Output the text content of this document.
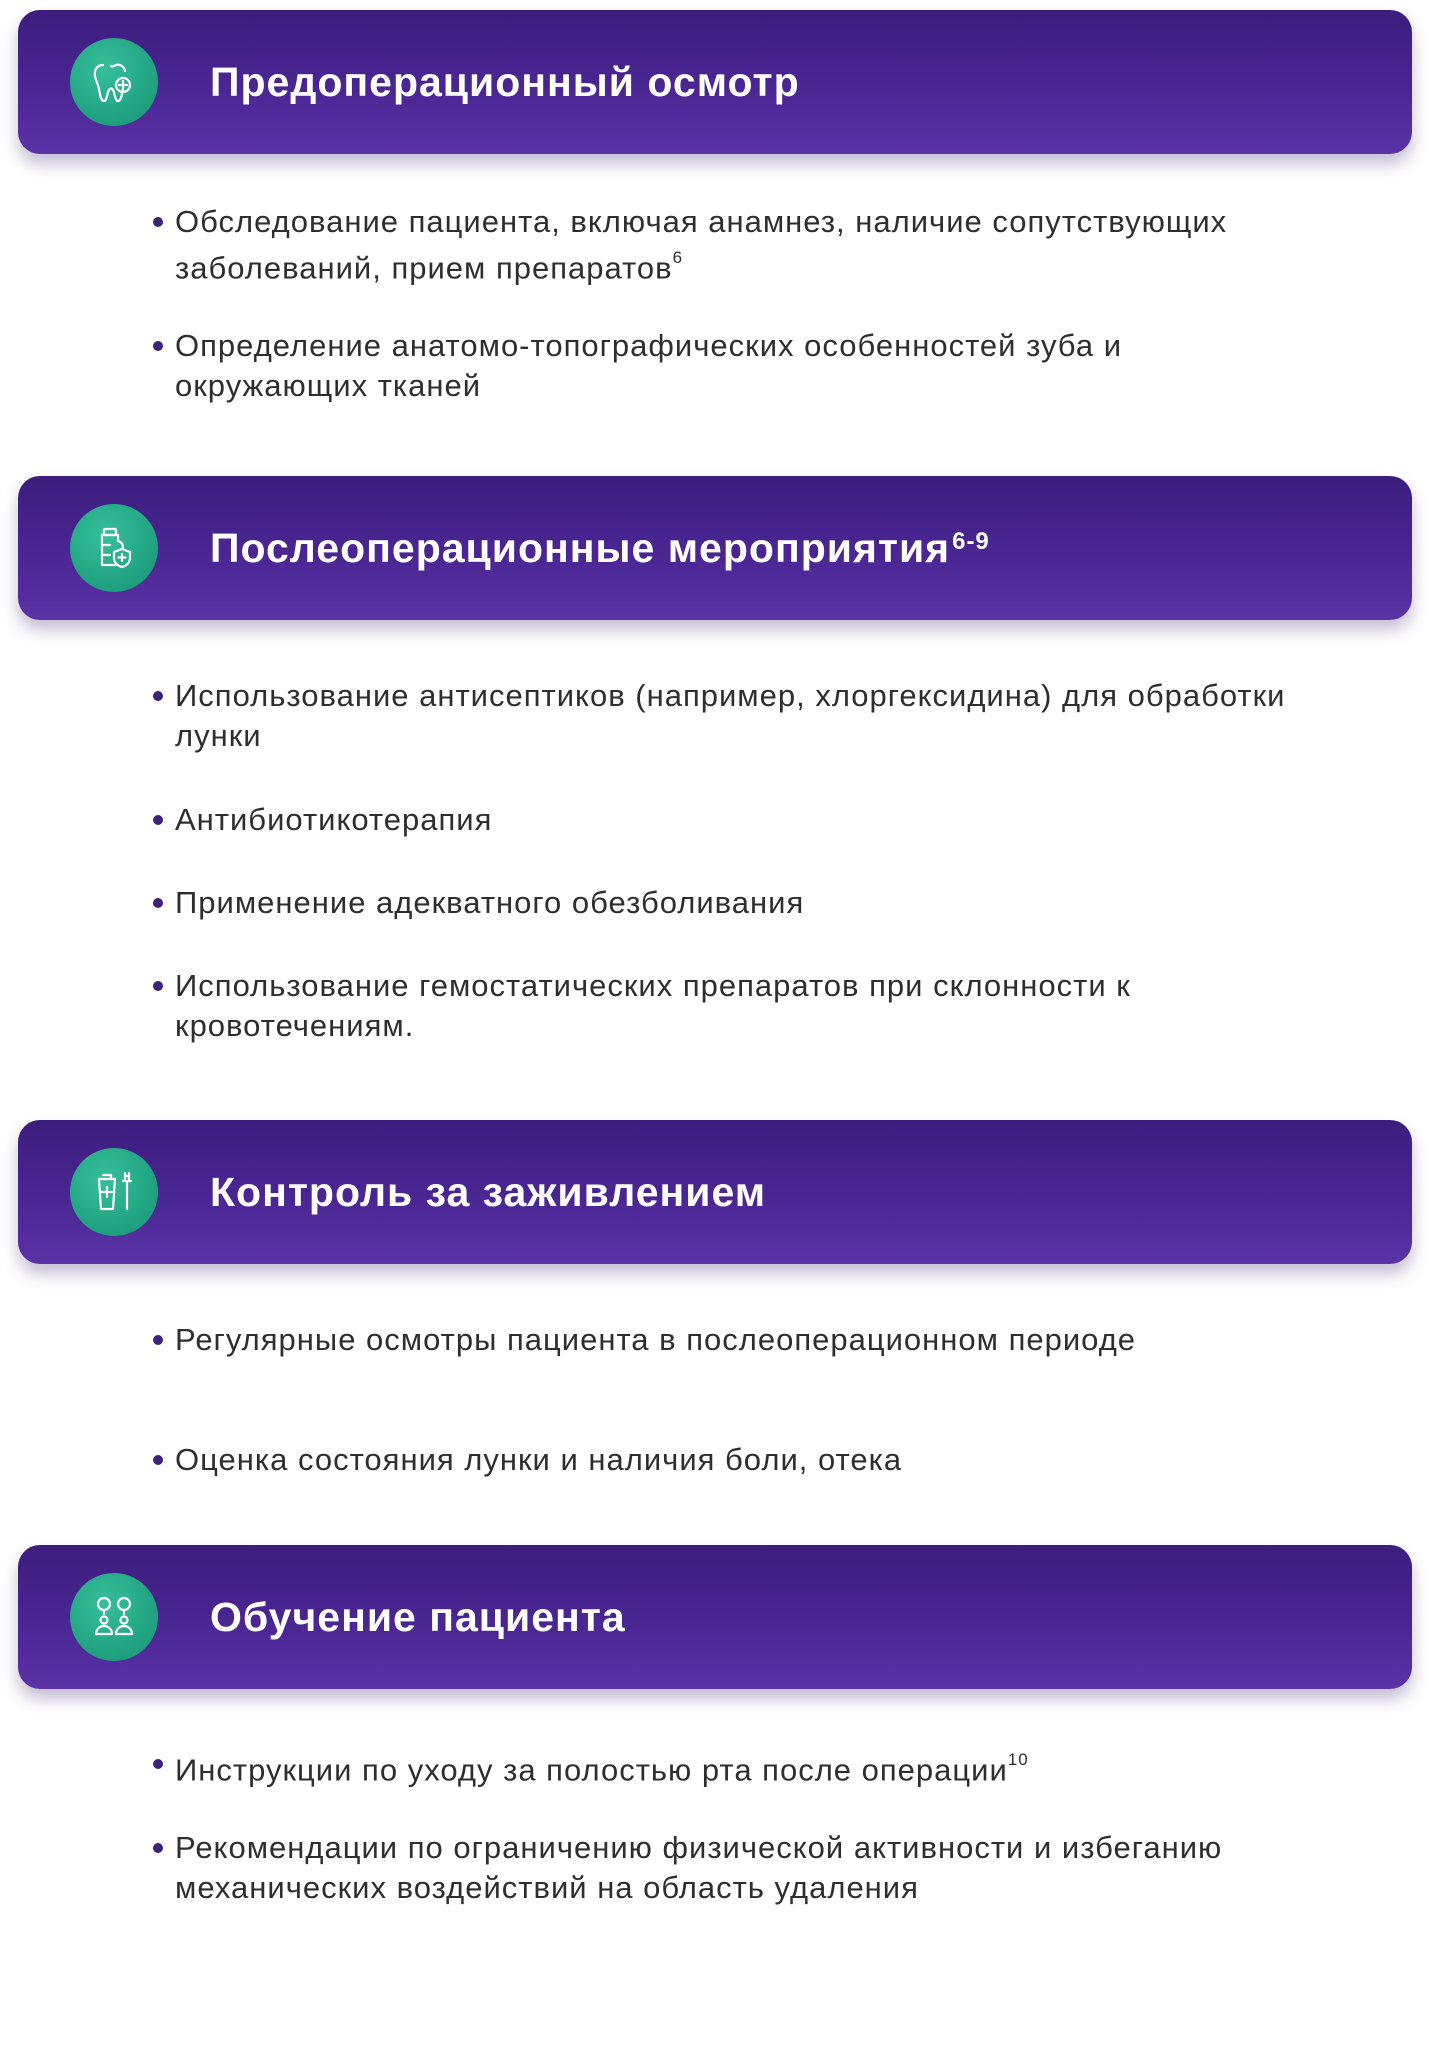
Предоперационный осмотр
Обследование пациента, включая анамнез, наличие сопутствующих заболеваний, прием препаратов$^6$
Определение анатомо-топографических особенностей зуба и окружающих тканей
Послеоперационные мероприятия$^{6-9}$
Использование антисептиков (например, хлоргексидина) для обработки лунки
Антибиотикотерапия
Применение адекватного обезболивания
Использование гемостатических препаратов при склонности к кровотечениям.
Контроль за заживлением
Регулярные осмотры пациента в послеоперационном периоде
Оценка состояния лунки и наличия боли, отека
Обучение пациента
Инструкции по уходу за полостью рта после операции$^{10}$
Рекомендации по ограничению физической активности и избеганию механических воздействий на область удаления
